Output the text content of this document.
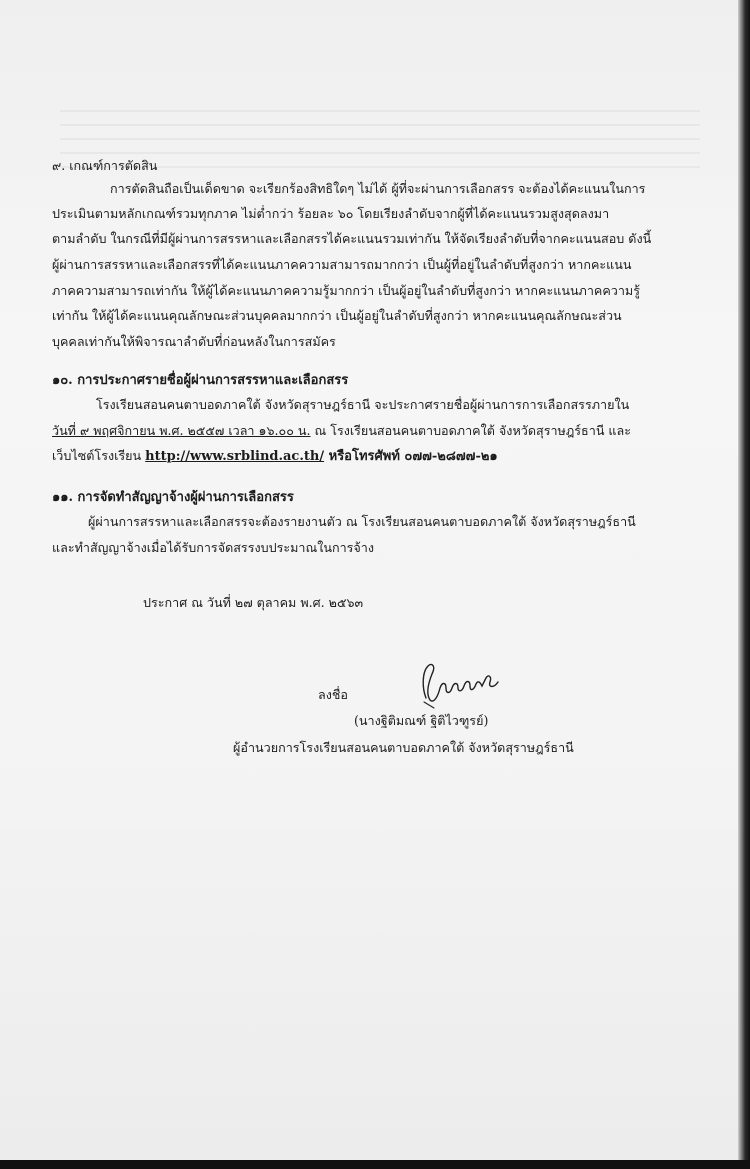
๙. เกณฑ์การตัดสิน
การตัดสินถือเป็นเด็ดขาด จะเรียกร้องสิทธิใดๆ ไม่ได้ ผู้ที่จะผ่านการเลือกสรร จะต้องได้คะแนนในการ
ประเมินตามหลักเกณฑ์รวมทุกภาค ไม่ต่ำกว่า ร้อยละ ๖๐ โดยเรียงลำดับจากผู้ที่ได้คะแนนรวมสูงสุดลงมา
ตามลำดับ ในกรณีที่มีผู้ผ่านการสรรหาและเลือกสรรได้คะแนนรวมเท่ากัน ให้จัดเรียงลำดับที่จากคะแนนสอบ ดังนี้
ผู้ผ่านการสรรหาและเลือกสรรที่ได้คะแนนภาคความสามารถมากกว่า เป็นผู้ที่อยู่ในลำดับที่สูงกว่า หากคะแนน
ภาคความสามารถเท่ากัน ให้ผู้ได้คะแนนภาคความรู้มากกว่า เป็นผู้อยู่ในลำดับที่สูงกว่า หากคะแนนภาคความรู้
เท่ากัน ให้ผู้ได้คะแนนคุณลักษณะส่วนบุคคลมากกว่า เป็นผู้อยู่ในลำดับที่สูงกว่า หากคะแนนคุณลักษณะส่วน
บุคคลเท่ากันให้พิจารณาลำดับที่ก่อนหลังในการสมัคร
๑๐. การประกาศรายชื่อผู้ผ่านการสรรหาและเลือกสรร
โรงเรียนสอนคนตาบอดภาคใต้ จังหวัดสุราษฎร์ธานี จะประกาศรายชื่อผู้ผ่านการการเลือกสรรภายใน
วันที่ ๙ พฤศจิกายน พ.ศ. ๒๕๕๗ เวลา ๑๖.๐๐ น. ณ โรงเรียนสอนคนตาบอดภาคใต้ จังหวัดสุราษฎร์ธานี และ
เว็บไซต์โรงเรียน http://www.srblind.ac.th/ หรือโทรศัพท์ ๐๗๗-๒๘๗๗-๒๑
๑๑. การจัดทำสัญญาจ้างผู้ผ่านการเลือกสรร
ผู้ผ่านการสรรหาและเลือกสรรจะต้องรายงานตัว ณ โรงเรียนสอนคนตาบอดภาคใต้ จังหวัดสุราษฎร์ธานี
และทำสัญญาจ้างเมื่อได้รับการจัดสรรงบประมาณในการจ้าง
ประกาศ ณ วันที่ ๒๗ ตุลาคม พ.ศ. ๒๕๖๓
ลงชื่อ
(นางฐิติมณฑ์ ฐิติไวฑูรย์)
ผู้อำนวยการโรงเรียนสอนคนตาบอดภาคใต้ จังหวัดสุราษฎร์ธานี
